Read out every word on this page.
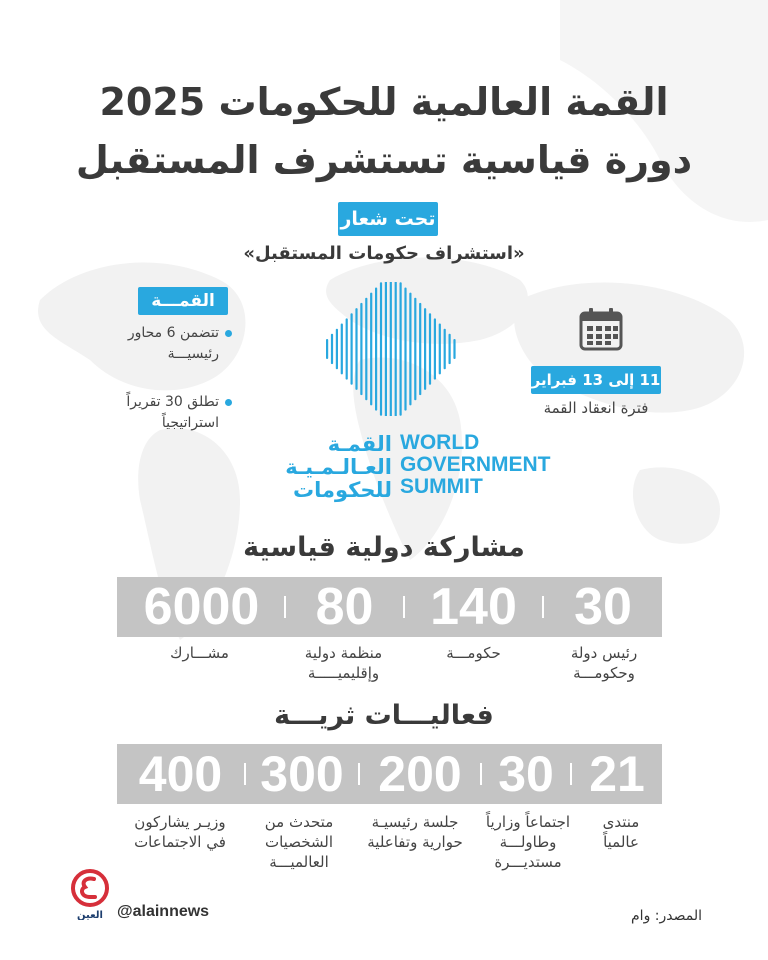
القمة العالمية للحكومات 2025
دورة قياسية تستشرف المستقبل
تحت شعار
«استشراف حكومات المستقبل»
القمـــة
تتضمن 6 محاور
رئيسيـــة
تطلق 30 تقريراً
استراتيجياً
11 إلى 13 فبراير
فترة انعقاد القمة
القمـة
العـالـمـيـة
للحكومات
WORLD
GOVERNMENT
SUMMIT
مشاركة دولية قياسية
30
140
80
6000
رئيس دولة
وحكومـــة
حكومـــة
منظمة دولية
وإقليميـــــة
مشـــارك
فعاليـــات ثريـــة
21
30
200
300
400
منتدى
عالمياً
اجتماعاً وزارياً
وطاولـــة
مستديـــرة
جلسة رئيسيـة
حوارية وتفاعلية
متحدث من
الشخصيات
العالميـــة
وزيـر يشاركون
في الاجتماعات
العين @alainnews	المصدر: وام
